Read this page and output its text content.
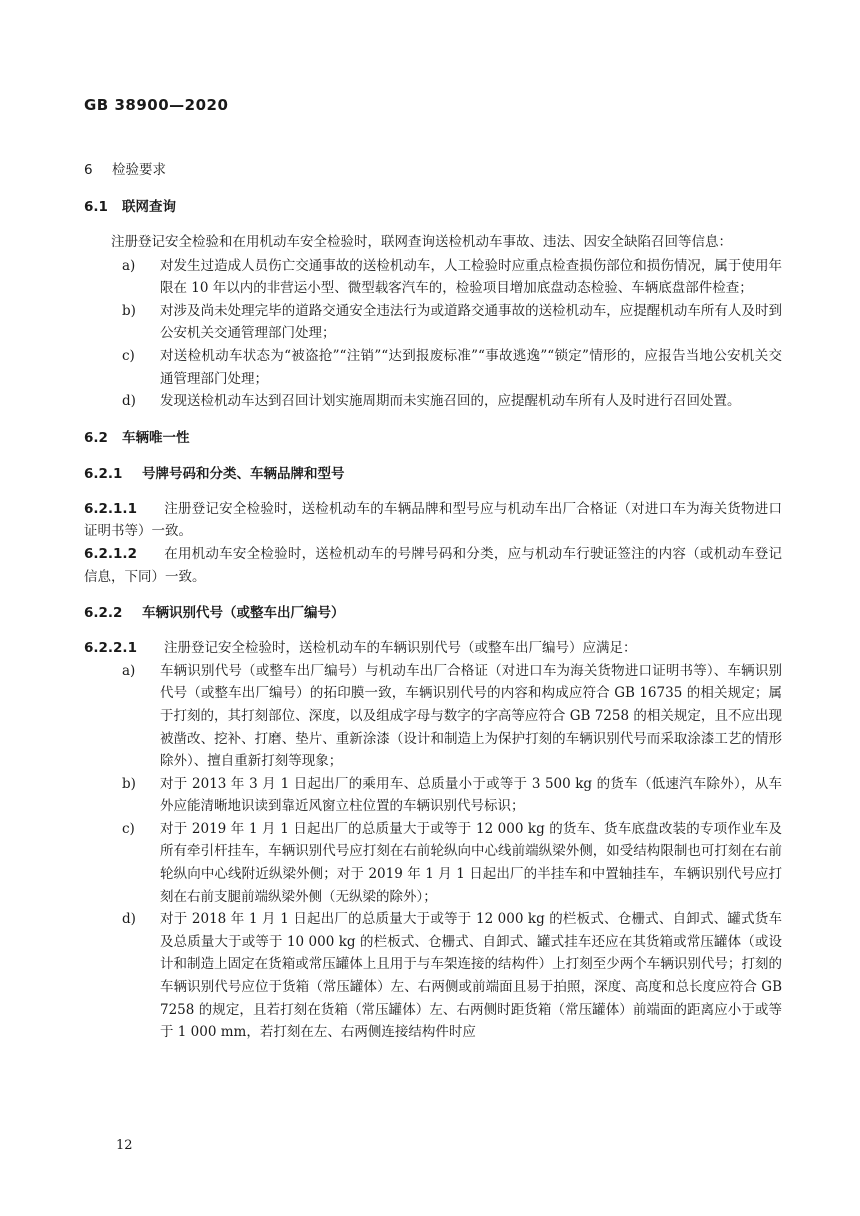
GB 38900—2020
6 检验要求
6.1 联网查询

注册登记安全检验和在用机动车安全检验时，联网查询送检机动车事故、违法、因安全缺陷召回等信息：

a)	对发生过造成人员伤亡交通事故的送检机动车，人工检验时应重点检查损伤部位和损伤情况，属于使用年限在 10 年以内的非营运小型、微型载客汽车的，检验项目增加底盘动态检验、车辆底盘部件检查；
b)	对涉及尚未处理完毕的道路交通安全违法行为或道路交通事故的送检机动车，应提醒机动车所有人及时到公安机关交通管理部门处理；
c)	对送检机动车状态为“被盗抢”“注销”“达到报废标准”“事故逃逸”“锁定”情形的，应报告当地公安机关交通管理部门处理；
d)	发现送检机动车达到召回计划实施周期而未实施召回的，应提醒机动车所有人及时进行召回处置。
6.2 车辆唯一性
6.2.1 号牌号码和分类、车辆品牌和型号

6.2.1.1 注册登记安全检验时，送检机动车的车辆品牌和型号应与机动车出厂合格证（对进口车为海关货物进口证明书等）一致。

6.2.1.2 在用机动车安全检验时，送检机动车的号牌号码和分类，应与机动车行驶证签注的内容（或机动车登记信息，下同）一致。

6.2.2 车辆识别代号（或整车出厂编号）

6.2.2.1 注册登记安全检验时，送检机动车的车辆识别代号（或整车出厂编号）应满足：

a)	车辆识别代号（或整车出厂编号）与机动车出厂合格证（对进口车为海关货物进口证明书等）、车辆识别代号（或整车出厂编号）的拓印膜一致，车辆识别代号的内容和构成应符合 GB 16735 的相关规定；属于打刻的，其打刻部位、深度，以及组成字母与数字的字高等应符合 GB 7258 的相关规定，且不应出现被凿改、挖补、打磨、垫片、重新涂漆（设计和制造上为保护打刻的车辆识别代号而采取涂漆工艺的情形除外）、擅自重新打刻等现象；
b)	对于 2013 年 3 月 1 日起出厂的乘用车、总质量小于或等于 3 500 kg 的货车（低速汽车除外），从车外应能清晰地识读到靠近风窗立柱位置的车辆识别代号标识；
c)	对于 2019 年 1 月 1 日起出厂的总质量大于或等于 12 000 kg 的货车、货车底盘改装的专项作业车及所有牵引杆挂车，车辆识别代号应打刻在右前轮纵向中心线前端纵梁外侧，如受结构限制也可打刻在右前轮纵向中心线附近纵梁外侧；对于 2019 年 1 月 1 日起出厂的半挂车和中置轴挂车，车辆识别代号应打刻在右前支腿前端纵梁外侧（无纵梁的除外）；
d)	对于 2018 年 1 月 1 日起出厂的总质量大于或等于 12 000 kg 的栏板式、仓栅式、自卸式、罐式货车及总质量大于或等于 10 000 kg 的栏板式、仓栅式、自卸式、罐式挂车还应在其货箱或常压罐体（或设计和制造上固定在货箱或常压罐体上且用于与车架连接的结构件）上打刻至少两个车辆识别代号；打刻的车辆识别代号应位于货箱（常压罐体）左、右两侧或前端面且易于拍照，深度、高度和总长度应符合 GB 7258 的规定，且若打刻在货箱（常压罐体）左、右两侧时距货箱（常压罐体）前端面的距离应小于或等于 1 000 mm，若打刻在左、右两侧连接结构件时应
12
